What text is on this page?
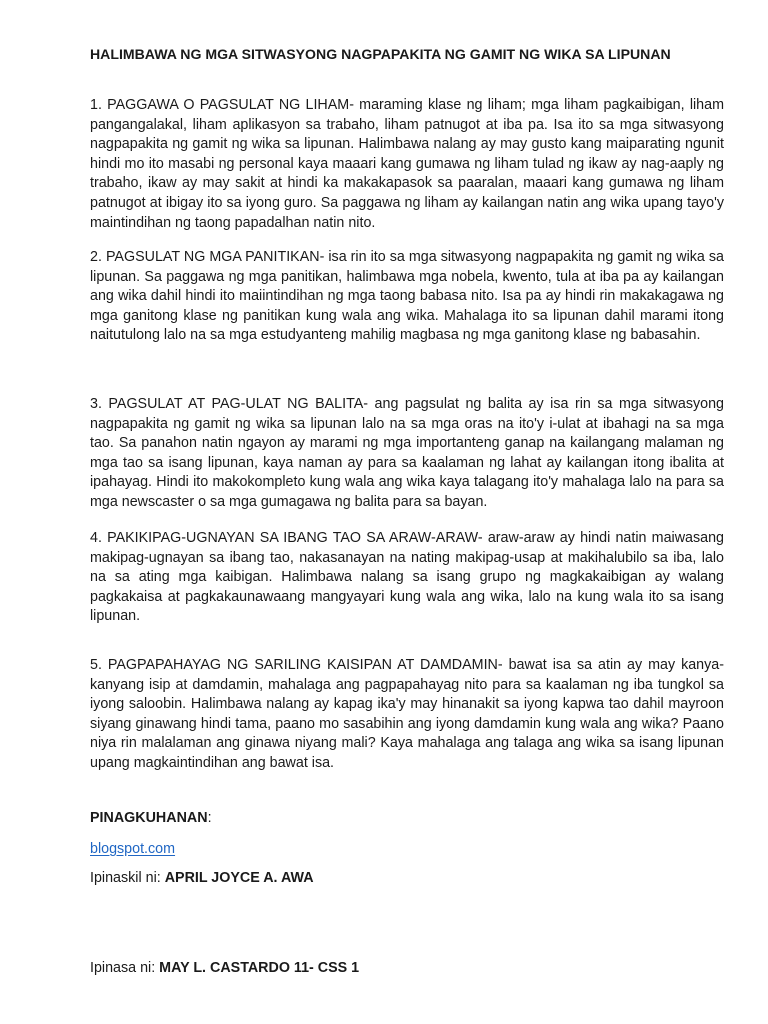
HALIMBAWA NG MGA SITWASYONG NAGPAPAKITA NG GAMIT NG WIKA SA LIPUNAN

1. PAGGAWA O PAGSULAT NG LIHAM- maraming klase ng liham; mga liham pagkaibigan, liham pangangalakal, liham aplikasyon sa trabaho, liham patnugot at iba pa. Isa ito sa mga sitwasyong nagpapakita ng gamit ng wika sa lipunan. Halimbawa nalang ay may gusto kang maiparating ngunit hindi mo ito masabi ng personal kaya maaari kang gumawa ng liham tulad ng ikaw ay nag-aaply ng trabaho, ikaw ay may sakit at hindi ka makakapasok sa paaralan, maaari kang gumawa ng liham patnugot at ibigay ito sa iyong guro. Sa paggawa ng liham ay kailangan natin ang wika upang tayo'y maintindihan ng taong papadalhan natin nito.

2. PAGSULAT NG MGA PANITIKAN- isa rin ito sa mga sitwasyong nagpapakita ng gamit ng wika sa lipunan. Sa paggawa ng mga panitikan, halimbawa mga nobela, kwento, tula at iba pa ay kailangan ang wika dahil hindi ito maiintindihan ng mga taong babasa nito. Isa pa ay hindi rin makakagawa ng mga ganitong klase ng panitikan kung wala ang wika. Mahalaga ito sa lipunan dahil marami itong naitutulong lalo na sa mga estudyanteng mahilig magbasa ng mga ganitong klase ng babasahin.

3. PAGSULAT AT PAG-ULAT NG BALITA- ang pagsulat ng balita ay isa rin sa mga sitwasyong nagpapakita ng gamit ng wika sa lipunan lalo na sa mga oras na ito'y i-ulat at ibahagi na sa mga tao. Sa panahon natin ngayon ay marami ng mga importanteng ganap na kailangang malaman ng mga tao sa isang lipunan, kaya naman ay para sa kaalaman ng lahat ay kailangan itong ibalita at ipahayag. Hindi ito makokompleto kung wala ang wika kaya talagang ito'y mahalaga lalo na para sa mga newscaster o sa mga gumagawa ng balita para sa bayan.

4. PAKIKIPAG-UGNAYAN SA IBANG TAO SA ARAW-ARAW- araw-araw ay hindi natin maiwasang makipag-ugnayan sa ibang tao, nakasanayan na nating makipag-usap at makihalubilo sa iba, lalo na sa ating mga kaibigan. Halimbawa nalang sa isang grupo ng magkakaibigan ay walang pagkakaisa at pagkakaunawaang mangyayari kung wala ang wika, lalo na kung wala ito sa isang lipunan.

5. PAGPAPAHAYAG NG SARILING KAISIPAN AT DAMDAMIN- bawat isa sa atin ay may kanya-kanyang isip at damdamin, mahalaga ang pagpapahayag nito para sa kaalaman ng iba tungkol sa iyong saloobin. Halimbawa nalang ay kapag ika'y may hinanakit sa iyong kapwa tao dahil mayroon siyang ginawang hindi tama, paano mo sasabihin ang iyong damdamin kung wala ang wika? Paano niya rin malalaman ang ginawa niyang mali? Kaya mahalaga ang talaga ang wika sa isang lipunan upang magkaintindihan ang bawat isa.

PINAGKUHANAN:
blogspot.com
Ipinaskil ni: APRIL JOYCE A. AWA
Ipinasa ni: MAY L. CASTARDO 11- CSS 1
